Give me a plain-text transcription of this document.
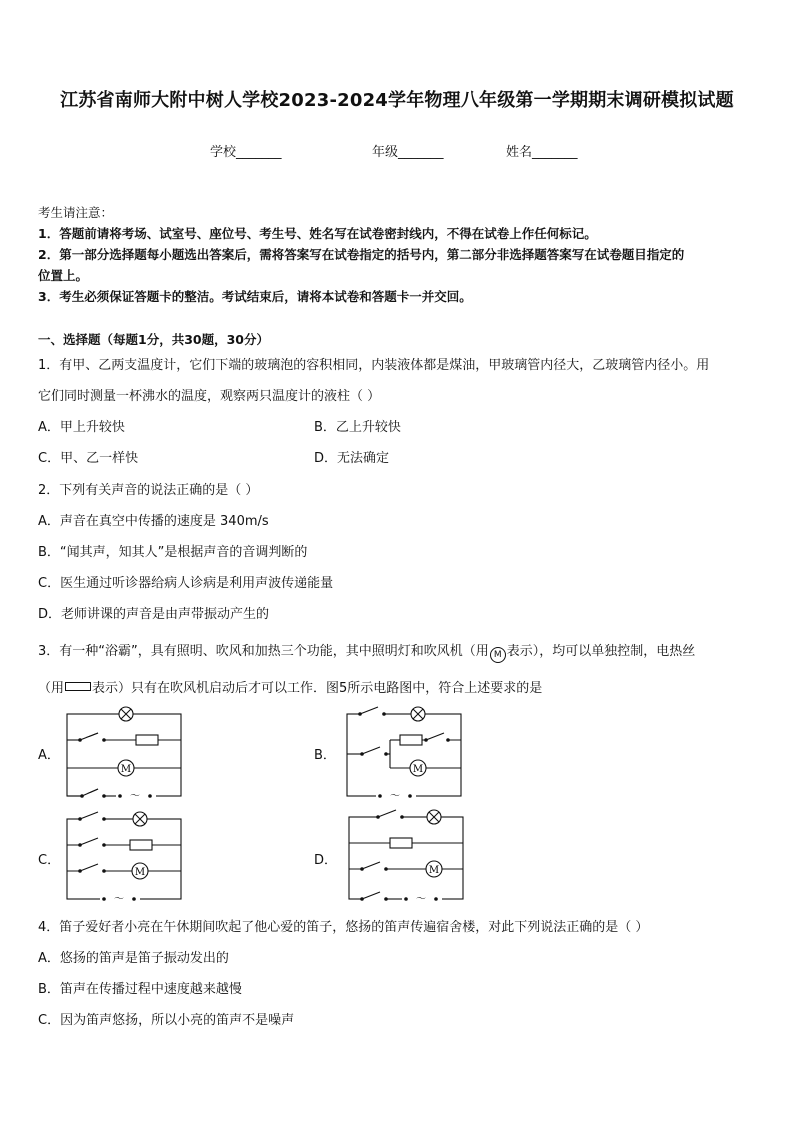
江苏省南师大附中树人学校2023-2024学年物理八年级第一学期期末调研模拟试题
学校_______	年级_______	姓名_______
考生请注意：
1．答题前请将考场、试室号、座位号、考生号、姓名写在试卷密封线内，不得在试卷上作任何标记。
2．第一部分选择题每小题选出答案后，需将答案写在试卷指定的括号内，第二部分非选择题答案写在试卷题目指定的
位置上。
3．考生必须保证答题卡的整洁。考试结束后，请将本试卷和答题卡一并交回。
一、选择题（每题1分，共30题，30分）
1．有甲、乙两支温度计，它们下端的玻璃泡的容积相同，内装液体都是煤油，甲玻璃管内径大，乙玻璃管内径小。用
它们同时测量一杯沸水的温度，观察两只温度计的液柱（ ）
A．甲上升较快	B．乙上升较快
C．甲、乙一样快	D．无法确定
2．下列有关声音的说法正确的是（ ）
A．声音在真空中传播的速度是 340m/s
B．“闻其声，知其人”是根据声音的音调判断的
C．医生通过听诊器给病人诊病是利用声波传递能量
D．老师讲课的声音是由声带振动产生的
3．有一种“浴霸”，具有照明、吹风和加热三个功能，其中照明灯和吹风机（用 M 表示），均可以单独控制，电热丝
（用 表示）只有在吹风机启动后才可以工作．图5所示电路图中，符合上述要求的是
A．
M
～
B．
M
～
C．
M
～
D．
M
～
4．笛子爱好者小亮在午休期间吹起了他心爱的笛子，悠扬的笛声传遍宿舍楼，对此下列说法正确的是（ ）
A．悠扬的笛声是笛子振动发出的
B．笛声在传播过程中速度越来越慢
C．因为笛声悠扬，所以小亮的笛声不是噪声
